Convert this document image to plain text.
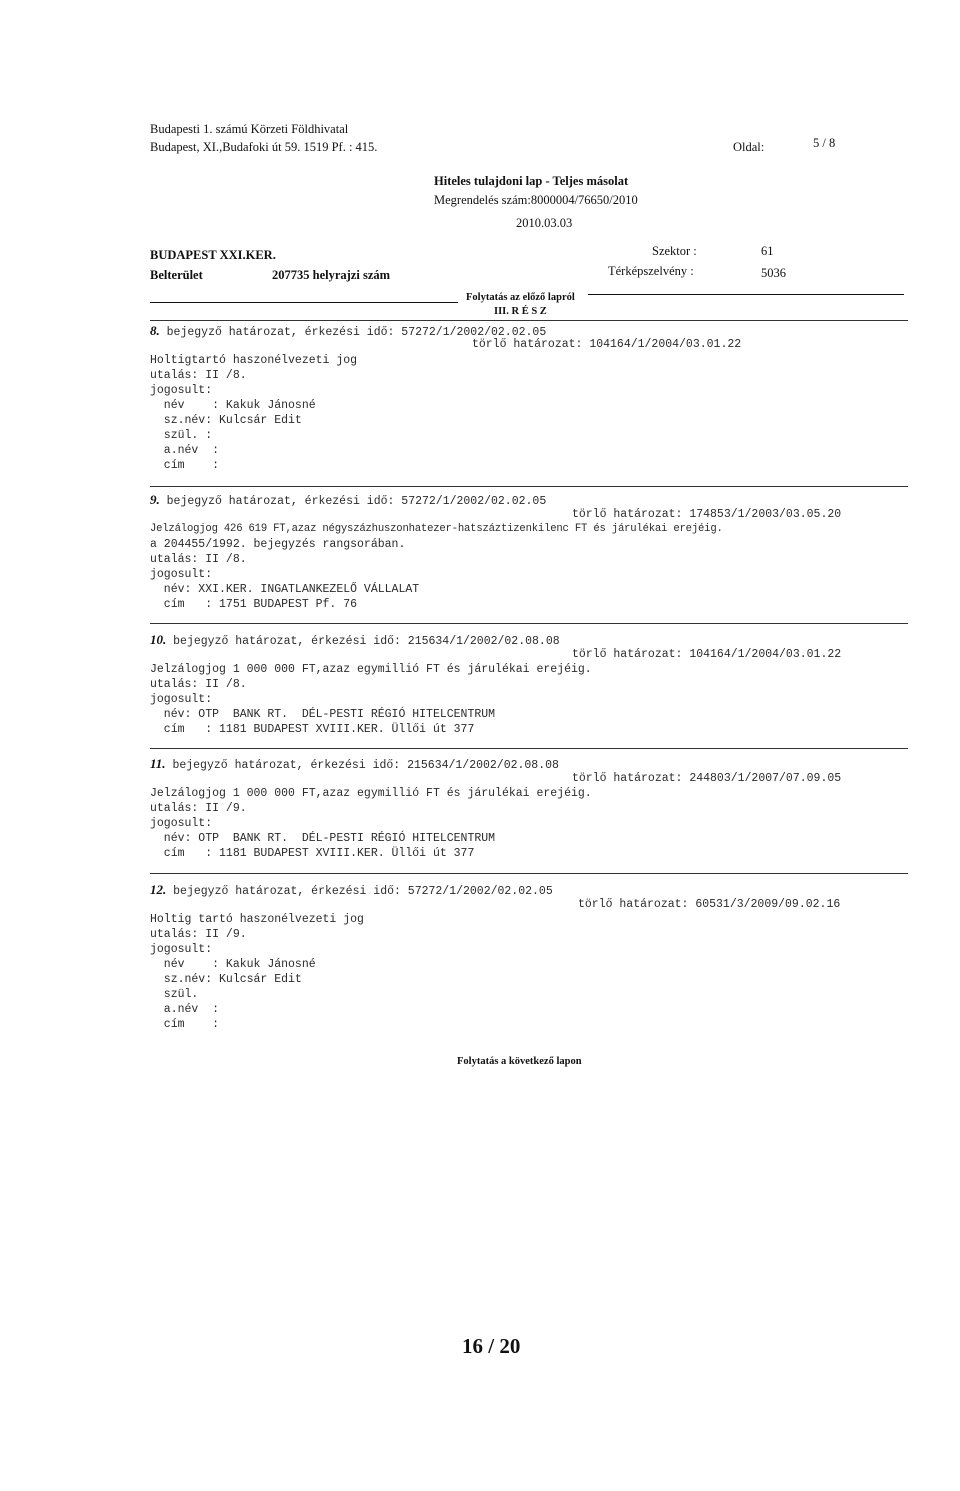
Budapesti 1. számú Körzeti Földhivatal
Budapest, XI.,Budafoki út 59. 1519 Pf. : 415.	Oldal:	5 / 8
Hiteles tulajdoni lap - Teljes másolat
Megrendelés szám:8000004/76650/2010
2010.03.03
BUDAPEST XXI.KER.
Belterület	207735 helyrajzi szám
Szektor :	61
Térképszelvény :	5036
Folytatás az előző lapról
III. R É S Z
8. bejegyző határozat, érkezési idő: 57272/1/2002/02.02.05
törlő határozat: 104164/1/2004/03.01.22
Holtigtartó haszonélvezeti jog
utalás: II /8.
jogosult:
név    : Kakuk Jánosné
sz.név: Kulcsár Edit
szül. :
a.név  :
cím    :
9. bejegyző határozat, érkezési idő: 57272/1/2002/02.02.05
törlő határozat: 174853/1/2003/03.05.20
Jelzálogjog 426 619 FT,azaz négyszázhuszonhatezer-hatszáztizenkilenc FT és járulékai erejéig.
a 204455/1992. bejegyzés rangsorában.
utalás: II /8.
jogosult:
név: XXI.KER. INGATLANKEZELŐ VÁLLALAT
cím   : 1751 BUDAPEST Pf. 76
10. bejegyző határozat, érkezési idő: 215634/1/2002/02.08.08
törlő határozat: 104164/1/2004/03.01.22
Jelzálogjog 1 000 000 FT,azaz egymillió FT és járulékai erejéig.
utalás: II /8.
jogosult:
név: OTP  BANK RT.  DÉL-PESTI RÉGIÓ HITELCENTRUM
cím   : 1181 BUDAPEST XVIII.KER. Üllői út 377
11. bejegyző határozat, érkezési idő: 215634/1/2002/02.08.08
törlő határozat: 244803/1/2007/07.09.05
Jelzálogjog 1 000 000 FT,azaz egymillió FT és járulékai erejéig.
utalás: II /9.
jogosult:
név: OTP  BANK RT.  DÉL-PESTI RÉGIÓ HITELCENTRUM
cím   : 1181 BUDAPEST XVIII.KER. Üllői út 377
12. bejegyző határozat, érkezési idő: 57272/1/2002/02.02.05
törlő határozat: 60531/3/2009/09.02.16
Holtig tartó haszonélvezeti jog
utalás: II /9.
jogosult:
név    : Kakuk Jánosné
sz.név: Kulcsár Edit
szül.
a.név  :
cím    :
Folytatás a következő lapon
16 / 20
